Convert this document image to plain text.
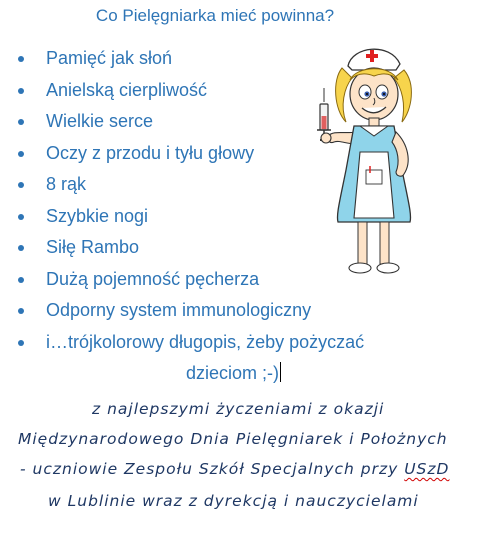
Co Pielęgniarka mieć powinna?
Pamięć jak słoń
Anielską cierpliwość
Wielkie serce
Oczy z przodu i tyłu głowy
8 rąk
Szybkie nogi
Siłę Rambo
Dużą pojemność pęcherza
Odporny system immunologiczny
i…trójkolorowy długopis, żeby pożyczać
dzieciom ;-)
z najlepszymi życzeniami z okazji
Międzynarodowego Dnia Pielęgniarek i Położnych
- uczniowie Zespołu Szkół Specjalnych przy USzD
w Lublinie wraz z dyrekcją i nauczycielami
